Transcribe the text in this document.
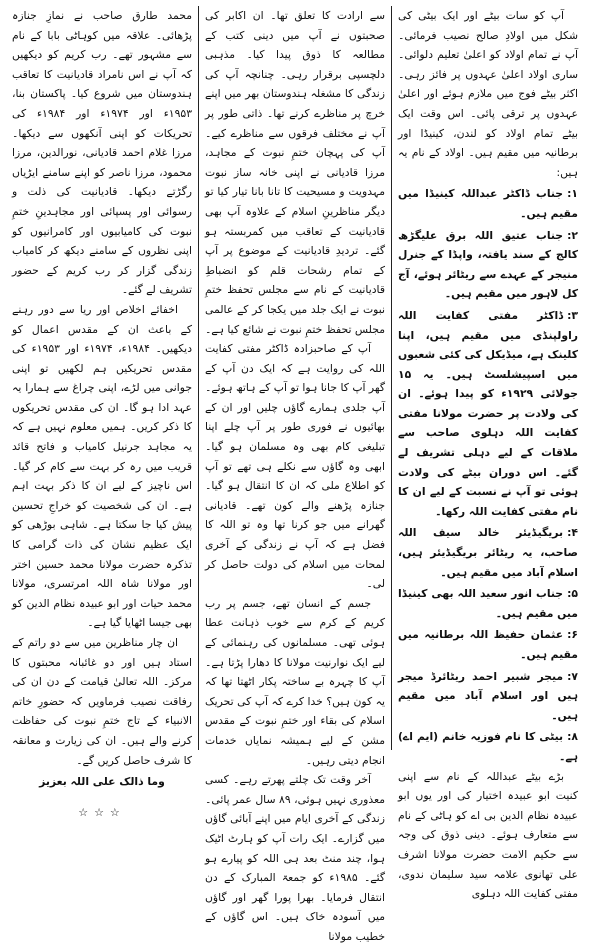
آپ کو سات بیٹے اور ایک بیٹی کی شکل میں اولادِ صالح نصیب فرمائی۔ آپ نے تمام اولاد کو اعلیٰ تعلیم دلوائی۔ ساری اولاد اعلیٰ عہدوں پر فائز رہی۔ اکثر بیٹے فوج میں ملازم ہوئے اور اعلیٰ عہدوں پر ترقی پائی۔ اس وقت ایک بیٹے تمام اولاد کو لندن، کینیڈا اور برطانیہ میں مقیم ہیں۔ اولاد کے نام یہ ہیں:

۱:جناب ڈاکٹر عبداللہ کینیڈا میں مقیم ہیں۔

۲:جناب عتیق اللہ برق علیگڑھ کالج کے سند یافتہ، واپڈا کے جنرل منیجر کے عہدے سے ریٹائر ہوئے، آج کل لاہور میں مقیم ہیں۔

۳:ڈاکٹر مفتی کفایت اللہ راولپنڈی میں مقیم ہیں، اپنا کلینک ہے، میڈیکل کی کئی شعبوں میں اسپیشلسٹ ہیں۔ یہ ۱۵ جولائی ۱۹۲۹ء کو پیدا ہوئے۔ ان کی ولادت پر حضرت مولانا مفتی کفایت اللہ دہلوی صاحب سے ملاقات کے لیے دہلی تشریف لے گئے۔ اس دوران بیٹے کی ولادت ہوئی تو آپ نے نسبت کے لیے ان کا نام مفتی کفایت اللہ رکھا۔

۴:بریگیڈیئر خالد سیف اللہ صاحب، یہ ریٹائر بریگیڈیئر ہیں، اسلام آباد میں مقیم ہیں۔

۵:جناب انور سعید اللہ بھی کینیڈا میں مقیم ہیں۔

۶:عثمان حفیظ اللہ برطانیہ میں مقیم ہیں۔

۷:میجر شبیر احمد ریٹائرڈ میجر ہیں اور اسلام آباد میں مقیم ہیں۔

۸:بیٹی کا نام فوزیہ خانم (ایم اے) ہے۔

بڑے بیٹے عبداللہ کے نام سے اپنی کنیت ابو عبیدہ اختیار کی اور یوں ابو عبیدہ نظام الدین بی اے کو ہاٹی کے نام سے متعارف ہوئے۔ دینی ذوق کی وجہ سے حکیم الامت حضرت مولانا اشرف علی تھانوی علامہ سید سلیمان ندوی، مفتی کفایت اللہ دہلوی

سے ارادت کا تعلق تھا۔ ان اکابر کی صحبتوں نے آپ میں دینی کتب کے مطالعہ کا ذوق پیدا کیا۔ مذہبی دلچسپی برقرار رہی۔ چنانچہ آپ کی زندگی کا مشغلہ ہندوستان بھر میں اپنے خرچ پر مناظرے کرنے تھا۔ ذاتی طور پر آپ نے مختلف فرقوں سے مناظرے کیے۔ آپ کی پہچان ختمِ نبوت کے مجاہد، مرزا قادیانی نے اپنی خانہ ساز نبوت مہدویت و مسیحیت کا تانا بانا تیار کیا تو دیگر مناظرینِ اسلام کے علاوہ آپ بھی قادیانیت کے تعاقب میں کمربستہ ہو گئے۔ تردیدِ قادیانیت کے موضوع پر آپ کے تمام رشحات قلم کو انضباطِ قادیانیت کے نام سے مجلس تحفظ ختمِ نبوت نے ایک جلد میں یکجا کر کے عالمی مجلس تحفظ ختمِ نبوت نے شائع کیا ہے۔

آپ کے صاحبزادہ ڈاکٹر مفتی کفایت اللہ کی روایت ہے کہ ایک دن آپ کے گھر آپ کا جانا ہوا تو آپ کے ہاتھ ہوئے۔ آپ جلدی ہمارے گاؤں چلیں اور ان کے بھائیوں نے فوری طور پر آپ چلے اپنا تبلیغی کام بھی وہ مسلمان ہو گیا۔ ابھی وہ گاؤں سے نکلے ہی تھے تو آپ کو اطلاع ملی کہ ان کا انتقال ہو گیا۔ جنازہ پڑھنے والے کون تھے۔ قادیانی گھرانے میں جو کرنا تھا وہ تو اللہ کا فضل ہے کہ آپ نے زندگی کے آخری لمحات میں اسلام کی دولت حاصل کر لی۔

جسم کے انسان تھے، جسم پر رب کریم کے کرم سے خوب ذہانت عطا ہوئی تھی۔ مسلمانوں کی رہنمائی کے لیے ایک نوارنیت مولانا کا دھارا پڑتا ہے۔ آپ کا چہرہ بے ساختہ پکار اٹھتا تھا کہ یہ کون ہیں؟ خدا کرے کہ آپ کی تحریک اسلام کی بقاء اور ختمِ نبوت کے مقدس مشن کے لیے ہمیشہ نمایاں خدمات انجام دیتی رہیں۔

آخر وقت تک چلتے پھرتے رہے۔ کسی معذوری نہیں ہوئی، ۸۹ سال عمر پائی۔ زندگی کے آخری ایام میں اپنے آبائی گاؤں میں گزارے۔ ایک رات آپ کو ہارٹ اٹیک ہوا، چند منٹ بعد ہی اللہ کو پیارے ہو گئے۔ ۱۹۸۵ء کو جمعۃ المبارک کے دن انتقال فرمایا۔ بھرا پورا گھر اور گاؤں میں آسودہ خاک ہیں۔ اس گاؤں کے خطیب مولانا

محمد طارق صاحب نے نمازِ جنازہ پڑھائی۔ علاقہ میں کوہاٹی بابا کے نام سے مشہور تھے۔ رب کریم کو دیکھیں کہ آپ نے اس نامراد قادیانیت کا تعاقب ہندوستان میں شروع کیا۔ پاکستان بنا، ۱۹۵۳ء اور ۱۹۷۴ء اور ۱۹۸۴ء کی تحریکات کو اپنی آنکھوں سے دیکھا۔ مرزا غلام احمد قادیانی، نورالدین، مرزا محمود، مرزا ناصر کو اپنے سامنے ایڑیاں رگڑتے دیکھا۔ قادیانیت کی ذلت و رسوائی اور پسپائی اور مجاہدینِ ختمِ نبوت کی کامیابیوں اور کامرانیوں کو اپنی نظروں کے سامنے دیکھ کر کامیاب زندگی گزار کر رب کریم کے حضور تشریف لے گئے۔

اخفائے اخلاص اور ریا سے دور رہنے کے باعث ان کے مقدس اعمال کو دیکھیں۔ ۱۹۸۴ء، ۱۹۷۴ء اور ۱۹۵۳ء کی مقدس تحریکیں ہم لکھیں تو اپنی جوانی میں لڑے، اپنی چراغ سے ہمارا یہ عہد ادا ہو گا۔ ان کی مقدس تحریکوں کا ذکر کریں۔ ہمیں معلوم نہیں ہے کہ یہ مجاہد جرنیل کامیاب و فاتح قائد قریب میں رہ کر بہت سے کام کر گیا۔ اس ناچیز کے لیے ان کا ذکر بہت اہم ہے۔ ان کی شخصیت کو خراجِ تحسین پیش کیا جا سکتا ہے۔ شاہی بوڑھی کو ایک عظیم نشان کی ذات گرامی کا تذکرہ حضرت مولانا محمد حسین اختر اور مولانا شاہ اللہ امرتسری، مولانا محمد حیات اور ابو عبیدہ نظام الدین کو بھی جیسا اٹھایا گیا ہے۔

ان چار مناظرین میں سے دو راتم کے استاد ہیں اور دو غائبانہ محبتوں کا مرکز۔ اللہ تعالیٰ قیامت کے دن ان کی رفاقت نصیب فرماویں کہ حضورِ خاتم الانبیاء کے تاج ختمِ نبوت کی حفاظت کرنے والے ہیں۔ ان کی زیارت و معانقہ کا شرف حاصل کریں گے۔

وما ذالک علی اللہ بعزیز

☆☆☆
